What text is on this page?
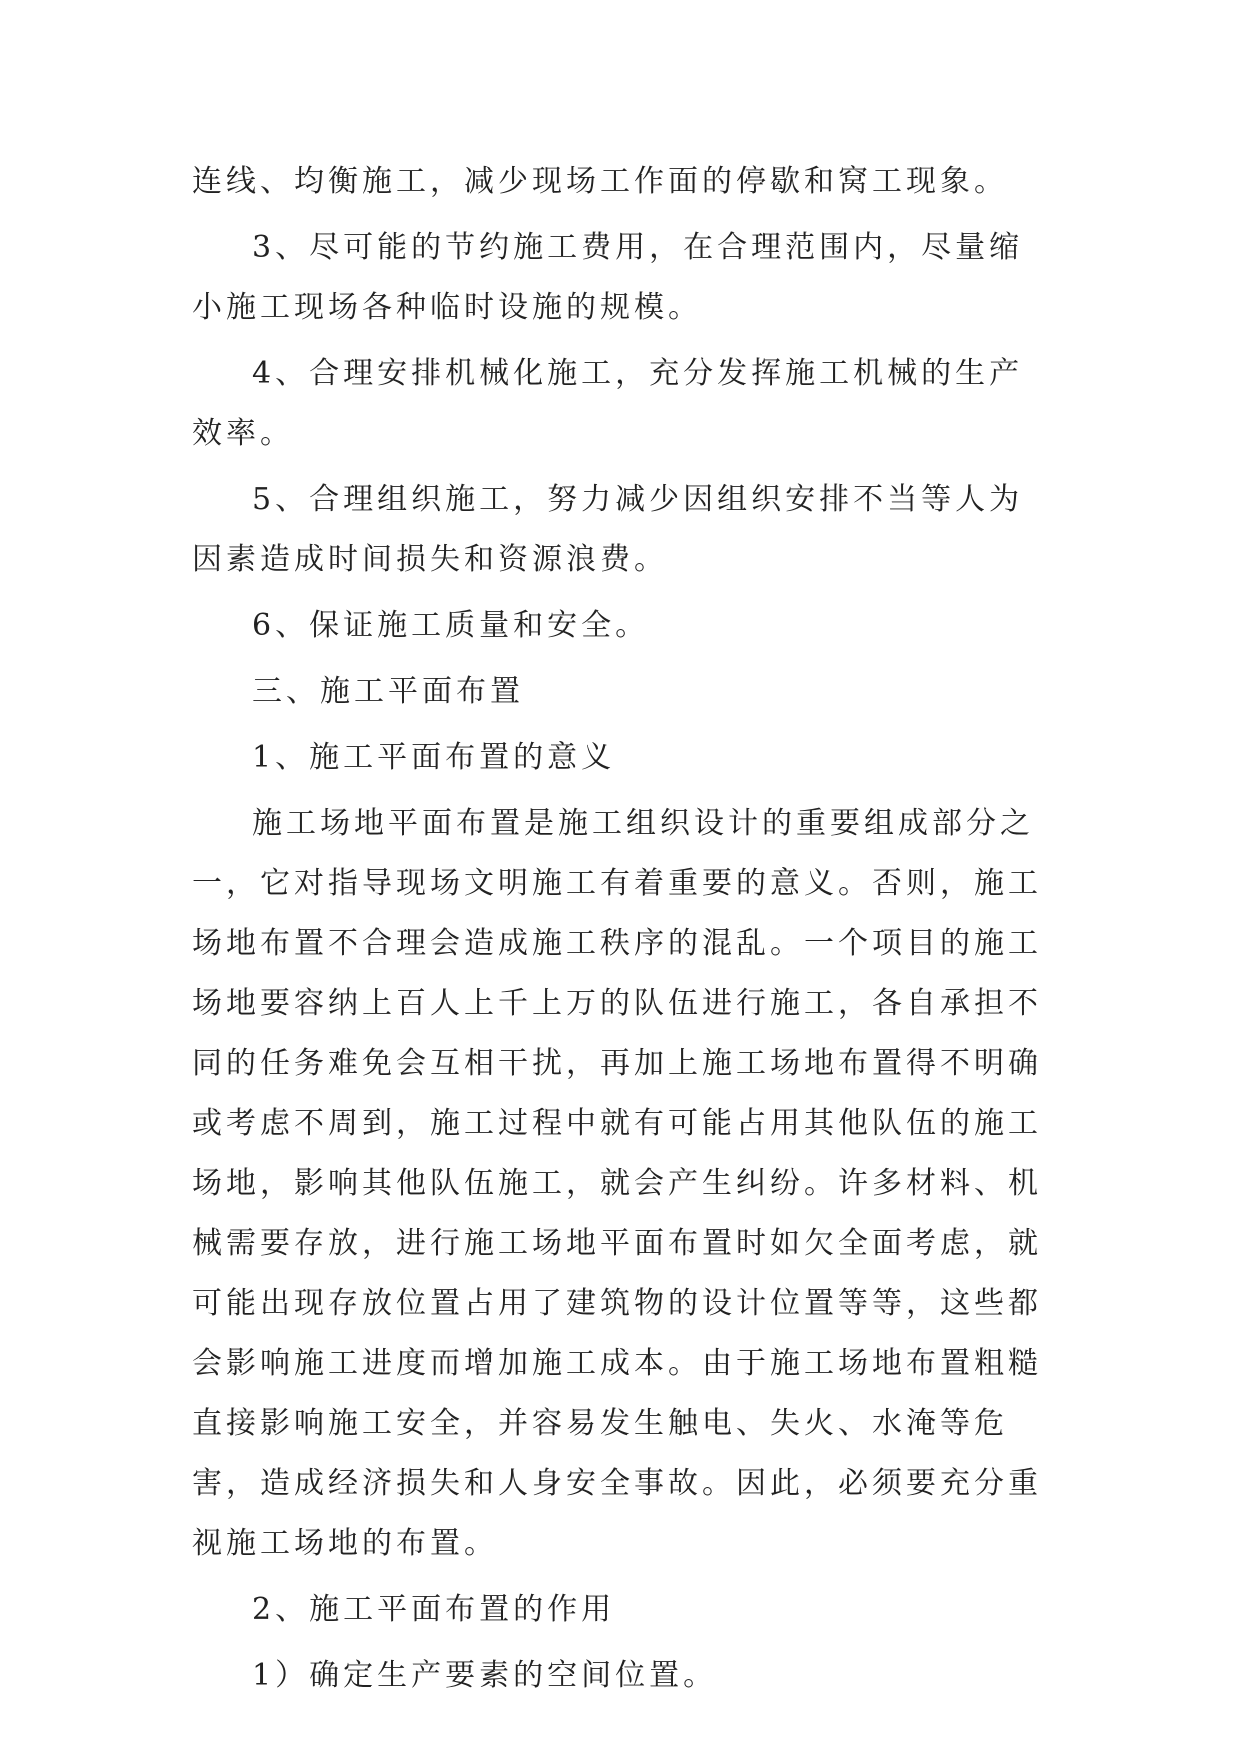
连线、均衡施工，减少现场工作面的停歇和窝工现象。

3、尽可能的节约施工费用，在合理范围内，尽量缩小施工现场各种临时设施的规模。

4、合理安排机械化施工，充分发挥施工机械的生产效率。

5、合理组织施工，努力减少因组织安排不当等人为因素造成时间损失和资源浪费。

6、保证施工质量和安全。

三、施工平面布置

1、施工平面布置的意义

施工场地平面布置是施工组织设计的重要组成部分之一，它对指导现场文明施工有着重要的意义。否则，施工场地布置不合理会造成施工秩序的混乱。一个项目的施工场地要容纳上百人上千上万的队伍进行施工，各自承担不同的任务难免会互相干扰，再加上施工场地布置得不明确或考虑不周到，施工过程中就有可能占用其他队伍的施工场地，影响其他队伍施工，就会产生纠纷。许多材料、机械需要存放，进行施工场地平面布置时如欠全面考虑，就可能出现存放位置占用了建筑物的设计位置等等，这些都会影响施工进度而增加施工成本。由于施工场地布置粗糙直接影响施工安全，并容易发生触电、失火、水淹等危害，造成经济损失和人身安全事故。因此，必须要充分重视施工场地的布置。

2、施工平面布置的作用

1）确定生产要素的空间位置。
